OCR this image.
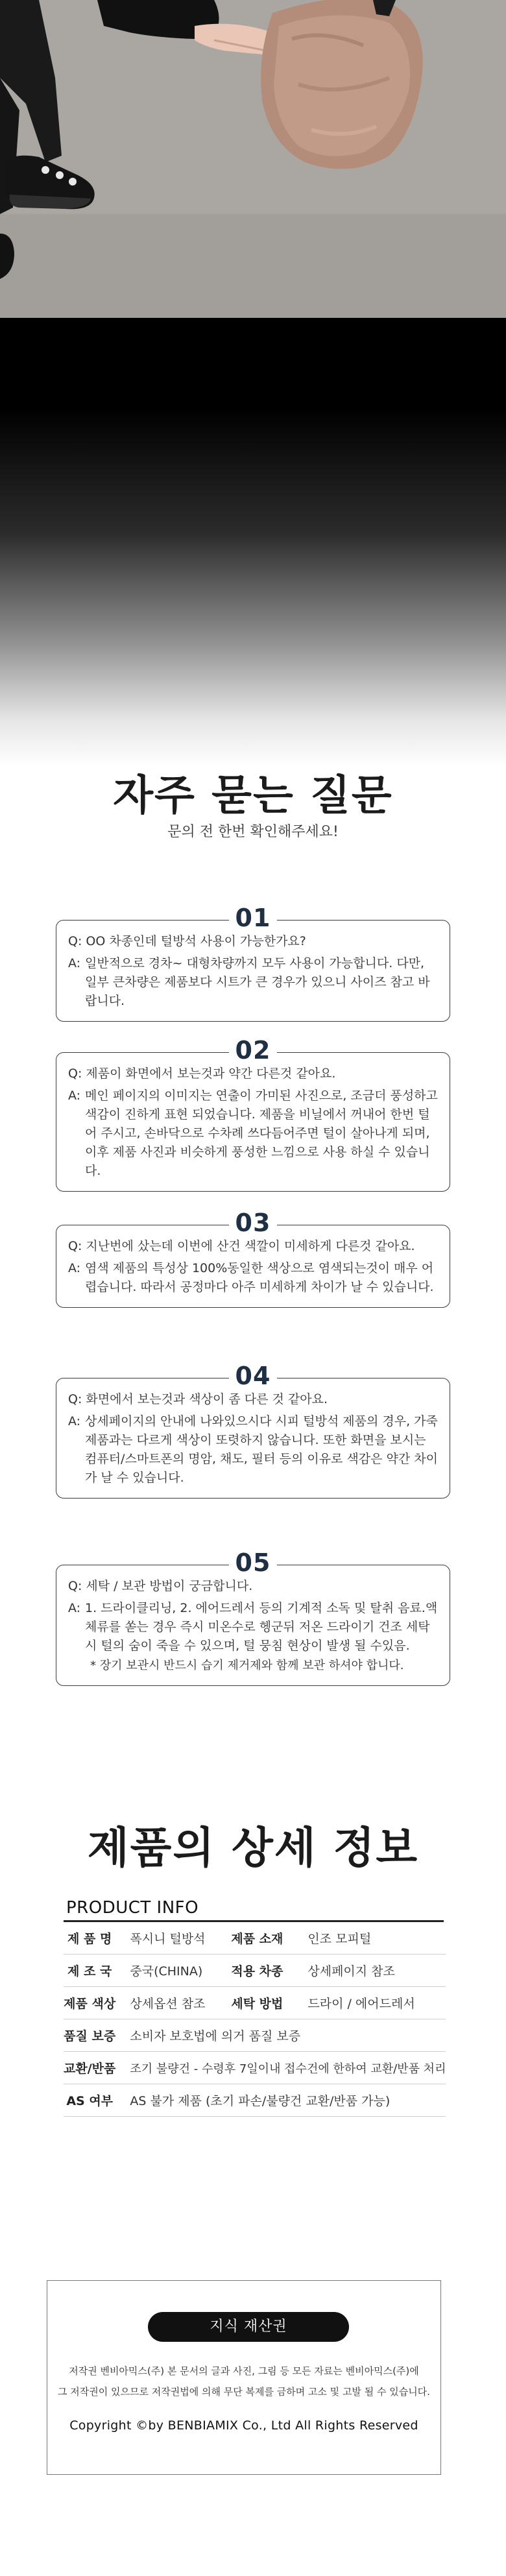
자주 묻는 질문
문의 전 한번 확인해주세요!
01
Q: OO 차종인데 털방석 사용이 가능한가요?
A: 일반적으로 경차~ 대형차량까지 모두 사용이 가능합니다. 다만, 일부 큰차량은 제품보다 시트가 큰 경우가 있으니 사이즈 참고 바랍니다.
02
Q: 제품이 화면에서 보는것과 약간 다른것 같아요.
A: 메인 페이지의 이미지는 연출이 가미된 사진으로, 조금더 풍성하고 색감이 진하게 표현 되었습니다. 제품을 비닐에서 꺼내어 한번 털어 주시고, 손바닥으로 수차례 쓰다듬어주면 털이 살아나게 되며, 이후 제품 사진과 비슷하게 풍성한 느낌으로 사용 하실 수 있습니다.
03
Q: 지난번에 샀는데 이번에 산건 색깔이 미세하게 다른것 같아요.
A: 염색 제품의 특성상 100%동일한 색상으로 염색되는것이 매우 어렵습니다. 따라서 공정마다 아주 미세하게 차이가 날 수 있습니다.
04
Q: 화면에서 보는것과 색상이 좀 다른 것 같아요.
A: 상세페이지의 안내에 나와있으시다 시피 털방석 제품의 경우, 가죽 제품과는 다르게 색상이 또렷하지 않습니다. 또한 화면을 보시는 컴퓨터/스마트폰의 명암, 채도, 필터 등의 이유로 색감은 약간 차이가 날 수 있습니다.
05
Q: 세탁 / 보관 방법이 궁금합니다.
A: 1. 드라이클리닝, 2. 에어드레서 등의 기계적 소독 및 탈취 음료.액체류를 쏟는 경우 즉시 미온수로 헹군뒤 저온 드라이기 건조 세탁시 털의 숨이 죽을 수 있으며, 털 뭉침 현상이 발생 될 수있음.
* 장기 보관시 반드시 습기 제거제와 함께 보관 하셔야 합니다.
제품의 상세 정보
PRODUCT INFO
제 품 명	폭시니 털방석	제품 소재	인조 모피털
제 조 국	중국(CHINA)	적용 차종	상세페이지 참조
제품 색상	상세옵션 참조	세탁 방법	드라이 / 에어드레서
품질 보증	소비자 보호법에 의거 품질 보증		
교환/반품	조기 불량건 - 수령후 7일이내 접수건에 한하여 교환/반품 처리		
AS 여부	AS 불가 제품 (초기 파손/불량건 교환/반품 가능)		
지식 재산권
저작권 벤비아믹스(주) 본 문서의 글과 사진, 그림 등 모든 자료는 벤비아믹스(주)에
그 저작권이 있으므로 저작권법에 의해 무단 복제를 금하며 고소 및 고발 될 수 있습니다.
Copyright ©by BENBIAMIX Co., Ltd All Rights Reserved
